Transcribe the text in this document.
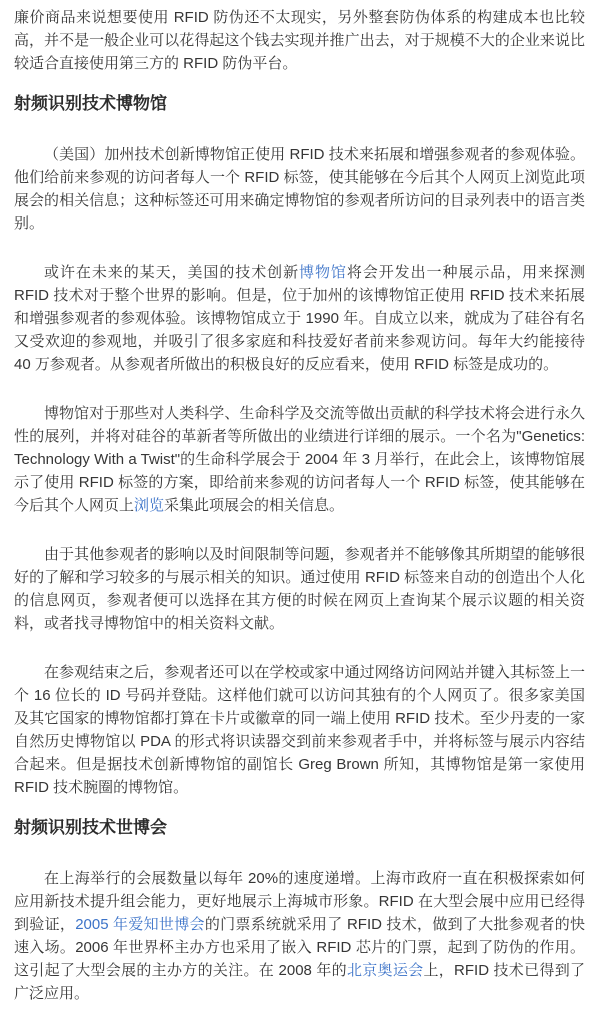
廉价商品来说想要使用 RFID 防伪还不太现实，另外整套防伪体系的构建成本也比较高，并不是一般企业可以花得起这个钱去实现并推广出去，对于规模不大的企业来说比较适合直接使用第三方的 RFID 防伪平台。

射频识别技术博物馆

（美国）加州技术创新博物馆正使用 RFID 技术来拓展和增强参观者的参观体验。他们给前来参观的访问者每人一个 RFID 标签，使其能够在今后其个人网页上浏览此项展会的相关信息；这种标签还可用来确定博物馆的参观者所访问的目录列表中的语言类别。

或许在未来的某天，美国的技术创新博物馆将会开发出一种展示品，用来探测 RFID 技术对于整个世界的影响。但是，位于加州的该博物馆正使用 RFID 技术来拓展和增强参观者的参观体验。该博物馆成立于 1990 年。自成立以来，就成为了硅谷有名又受欢迎的参观地，并吸引了很多家庭和科技爱好者前来参观访问。每年大约能接待 40 万参观者。从参观者所做出的积极良好的反应看来，使用 RFID 标签是成功的。

博物馆对于那些对人类科学、生命科学及交流等做出贡献的科学技术将会进行永久性的展列，并将对硅谷的革新者等所做出的业绩进行详细的展示。一个名为"Genetics: Technology With a Twist"的生命科学展会于 2004 年 3 月举行，在此会上，该博物馆展示了使用 RFID 标签的方案，即给前来参观的访问者每人一个 RFID 标签，使其能够在今后其个人网页上浏览采集此项展会的相关信息。

由于其他参观者的影响以及时间限制等问题，参观者并不能够像其所期望的能够很好的了解和学习较多的与展示相关的知识。通过使用 RFID 标签来自动的创造出个人化的信息网页，参观者便可以选择在其方便的时候在网页上查询某个展示议题的相关资料，或者找寻博物馆中的相关资料文献。

在参观结束之后，参观者还可以在学校或家中通过网络访问网站并键入其标签上一个 16 位长的 ID 号码并登陆。这样他们就可以访问其独有的个人网页了。很多家美国及其它国家的博物馆都打算在卡片或徽章的同一端上使用 RFID 技术。至少丹麦的一家自然历史博物馆以 PDA 的形式将识读器交到前来参观者手中，并将标签与展示内容结合起来。但是据技术创新博物馆的副馆长 Greg Brown 所知，其博物馆是第一家使用 RFID 技术腕圈的博物馆。

射频识别技术世博会

在上海举行的会展数量以每年 20%的速度递增。上海市政府一直在积极探索如何应用新技术提升组会能力，更好地展示上海城市形象。RFID 在大型会展中应用已经得到验证，2005 年爱知世博会的门票系统就采用了 RFID 技术，做到了大批参观者的快速入场。2006 年世界杯主办方也采用了嵌入 RFID 芯片的门票，起到了防伪的作用。这引起了大型会展的主办方的关注。在 2008 年的北京奥运会上，RFID 技术已得到了广泛应用。
